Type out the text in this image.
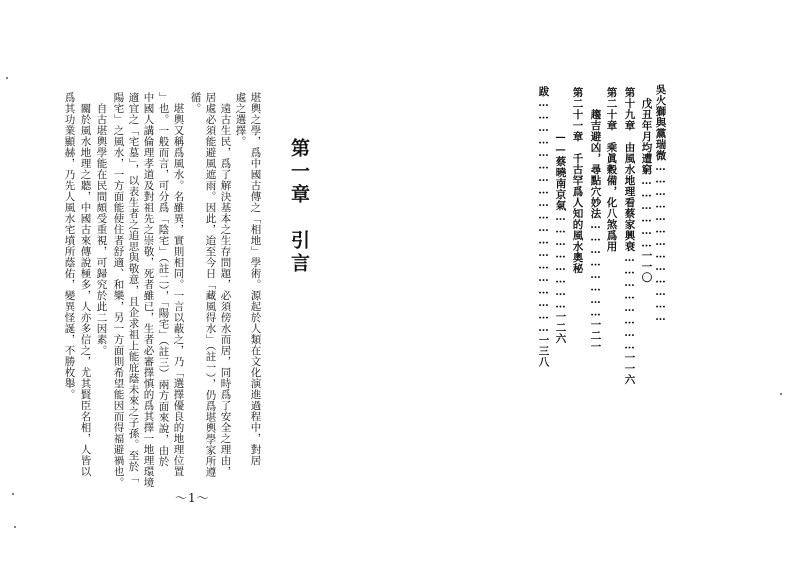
吳火獅與黨瑞微…………………………………
戊丑年月均遭窮………………一一〇
第十九章　由風水地理看蔡家興衰……………………一一六
第二十章　乘眞穀備，化八煞爲用
　　趨吉避凶，尋點穴妙法……………………一二一
第二十一章　千古罕爲人知的風水奧秘
　　　　——蔡曉南京氣……………………一二六
跋…………………………………………………一三八
第一章　引言
堪輿之學，爲中國古傳之「相地」學術。源起於人類在文化演進過程中，對居
處之選擇。
　遠古生民，爲了解決基本之生存問題，必須傍水而居，同時爲了安全之理由，
居處必須能避風遮雨。因此，迨至今日「藏風得水」（註一），仍爲堪輿學家所遵
循。
　堪輿又稱爲風水。名雖異，實則相同。一言以蔽之，乃「選擇優良的地理位置
」也。一般而言，可分爲「陰宅」（註二），「陽宅」（註三）兩方面來說，由於
中國人講倫理孝道及對祖先之崇敬，死者雖已，生者必審擇慎的爲其擇一地理環境
適宜之「宅墓」，以表生者之追思與敬意，且企求祖上能庇蔭未來之子孫。至於「
陽宅」之風水，一方面能使住者舒適、和樂，另一方面則希望能因而得福避禍也。
　自古堪輿學能在民間頗受重視，可歸究於此二因素。
　關於風水地理之聽，中國古來傳說極多，人亦多信之，尤其賢臣名相，人皆以
爲其功業顯赫，乃先人風水宅墳所蔭佑，變異怪誕，不勝枚舉。
～1～
